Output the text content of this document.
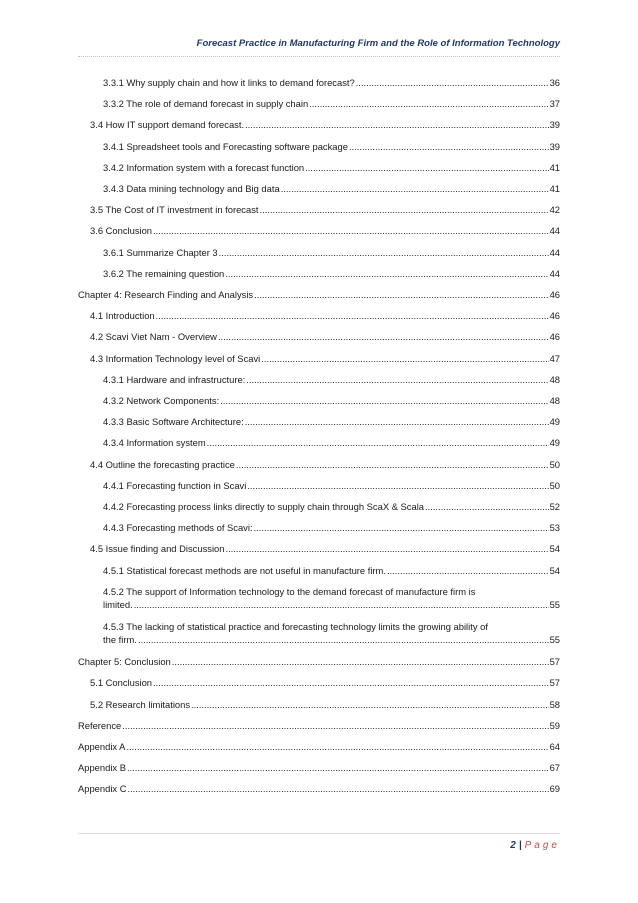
Forecast Practice in Manufacturing Firm and the Role of Information Technology
3.3.1 Why supply chain and how it links to demand forecast? .....	36
3.3.2 The role of demand forecast in supply chain .....	37
3.4 How IT support demand forecast. .....	39
3.4.1 Spreadsheet tools and Forecasting software package .....	39
3.4.2 Information system with a forecast function .....	41
3.4.3 Data mining technology and Big data .....	41
3.5 The Cost of IT investment in forecast .....	42
3.6 Conclusion .....	44
3.6.1 Summarize Chapter 3 .....	44
3.6.2 The remaining question .....	44
Chapter 4: Research Finding and Analysis .....	46
4.1 Introduction .....	46
4.2 Scavi Viet Nam - Overview .....	46
4.3 Information Technology level of Scavi .....	47
4.3.1 Hardware and infrastructure: .....	48
4.3.2 Network Components: .....	48
4.3.3 Basic Software Architecture: .....	49
4.3.4 Information system .....	49
4.4 Outline the forecasting practice .....	50
4.4.1 Forecasting function in Scavi .....	50
4.4.2 Forecasting process links directly to supply chain through ScaX & Scala .....	52
4.4.3 Forecasting methods of Scavi: .....	53
4.5 Issue finding and Discussion .....	54
4.5.1 Statistical forecast methods are not useful in manufacture firm. .....	54
4.5.2 The support of Information technology to the demand forecast of manufacture firm is
limited. .....	55
4.5.3 The lacking of statistical practice and forecasting technology limits the growing ability of
the firm. .....	55
Chapter 5: Conclusion .....	57
5.1 Conclusion .....	57
5.2 Research limitations .....	58
Reference .....	59
Appendix A .....	64
Appendix B .....	67
Appendix C .....	69
2 | Page
